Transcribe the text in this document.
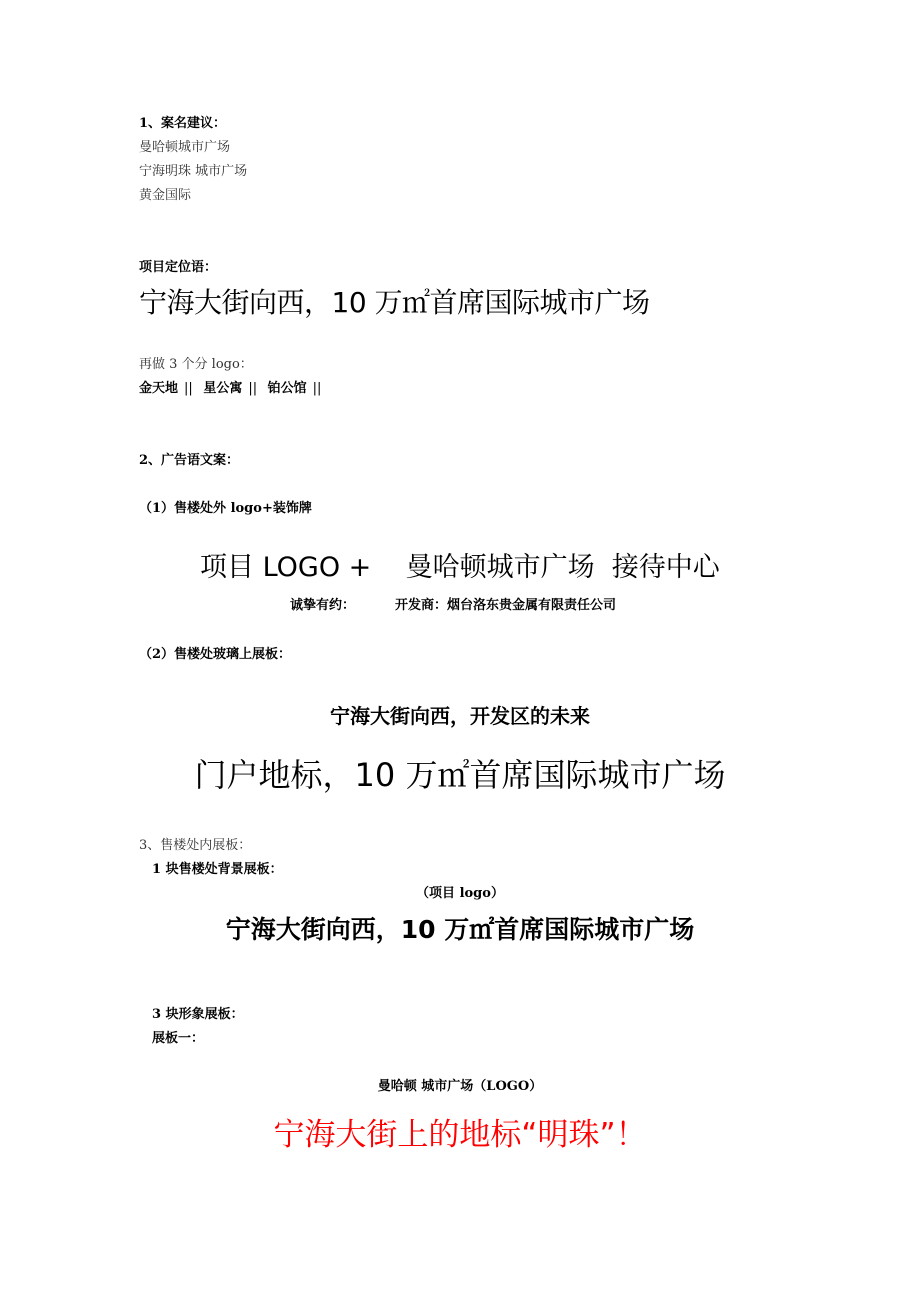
1、案名建议：
曼哈顿城市广场
宁海明珠 城市广场
黄金国际
项目定位语：
宁海大街向西，10 万㎡首席国际城市广场
再做 3 个分 logo：
金天地 || 星公寓 || 铂公馆 ||
2、广告语文案：
（1）售楼处外 logo+装饰牌
项目 LOGO +    曼哈顿城市广场  接待中心
诚挚有约：	开发商：烟台洛东贵金属有限责任公司
（2）售楼处玻璃上展板：
宁海大街向西，开发区的未来
门户地标，10 万㎡首席国际城市广场
3、售楼处内展板：
1 块售楼处背景展板：
（项目 logo）
宁海大街向西，10 万㎡首席国际城市广场
3 块形象展板：
展板一：
曼哈顿 城市广场（LOGO）
宁海大街上的地标“明珠”！
